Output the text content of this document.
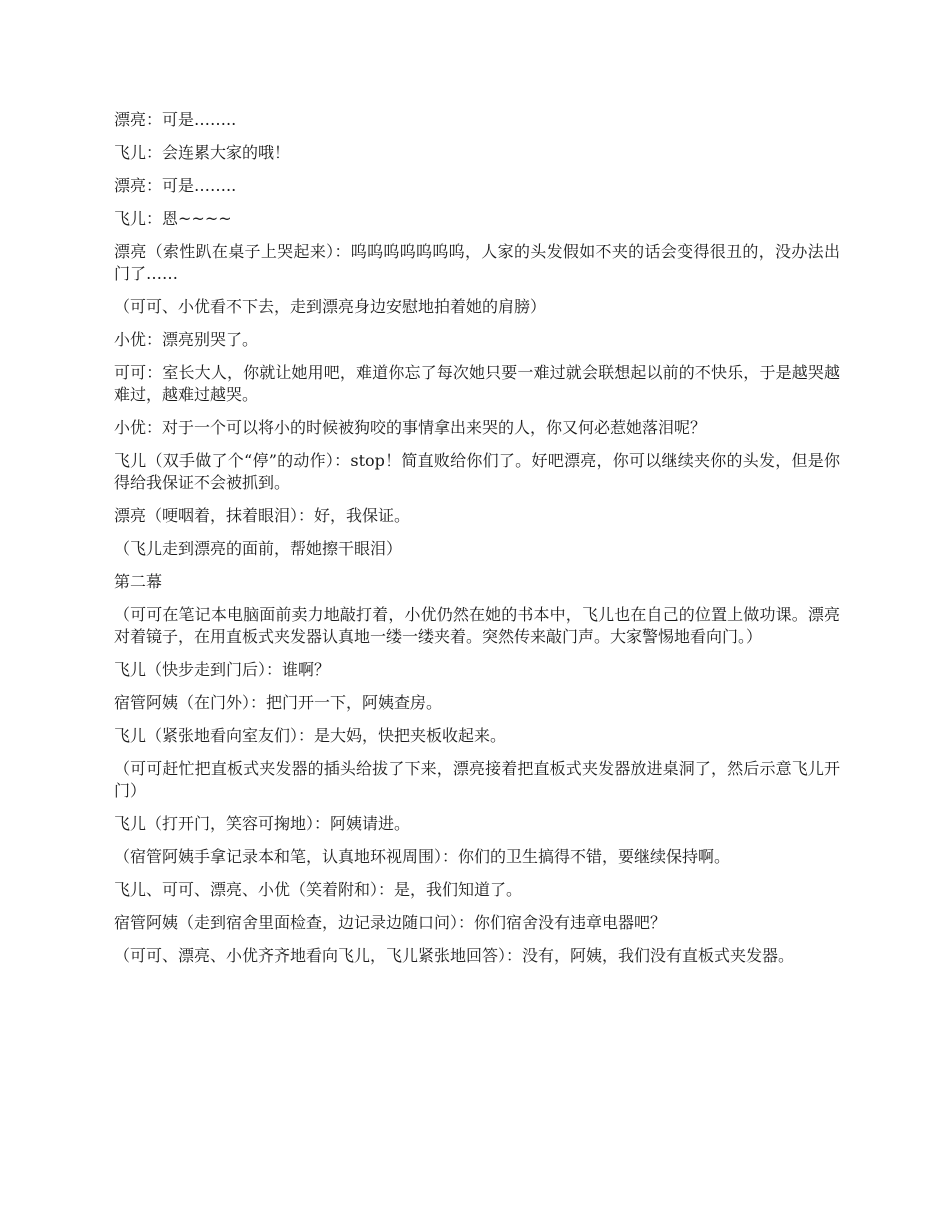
漂亮：可是……..

飞儿：会连累大家的哦！

漂亮：可是……..

飞儿：恩~~~~

漂亮（索性趴在桌子上哭起来）：呜呜呜呜呜呜呜，人家的头发假如不夹的话会变得很丑的，没办法出门了……

（可可、小优看不下去，走到漂亮身边安慰地拍着她的肩膀）

小优：漂亮别哭了。

可可：室长大人，你就让她用吧，难道你忘了每次她只要一难过就会联想起以前的不快乐，于是越哭越难过，越难过越哭。

小优：对于一个可以将小的时候被狗咬的事情拿出来哭的人，你又何必惹她落泪呢？

飞儿（双手做了个“停”的动作）：stop！简直败给你们了。好吧漂亮，你可以继续夹你的头发，但是你得给我保证不会被抓到。

漂亮（哽咽着，抹着眼泪）：好，我保证。

（飞儿走到漂亮的面前，帮她擦干眼泪）

第二幕

（可可在笔记本电脑面前卖力地敲打着，小优仍然在她的书本中，飞儿也在自己的位置上做功课。漂亮对着镜子，在用直板式夹发器认真地一缕一缕夹着。突然传来敲门声。大家警惕地看向门。）

飞儿（快步走到门后）：谁啊？

宿管阿姨（在门外）：把门开一下，阿姨查房。

飞儿（紧张地看向室友们）：是大妈，快把夹板收起来。

（可可赶忙把直板式夹发器的插头给拔了下来，漂亮接着把直板式夹发器放进桌洞了，然后示意飞儿开门）

飞儿（打开门，笑容可掬地）：阿姨请进。

（宿管阿姨手拿记录本和笔，认真地环视周围）：你们的卫生搞得不错，要继续保持啊。

飞儿、可可、漂亮、小优（笑着附和）：是，我们知道了。

宿管阿姨（走到宿舍里面检查，边记录边随口问）：你们宿舍没有违章电器吧？

（可可、漂亮、小优齐齐地看向飞儿，飞儿紧张地回答）：没有，阿姨，我们没有直板式夹发器。
